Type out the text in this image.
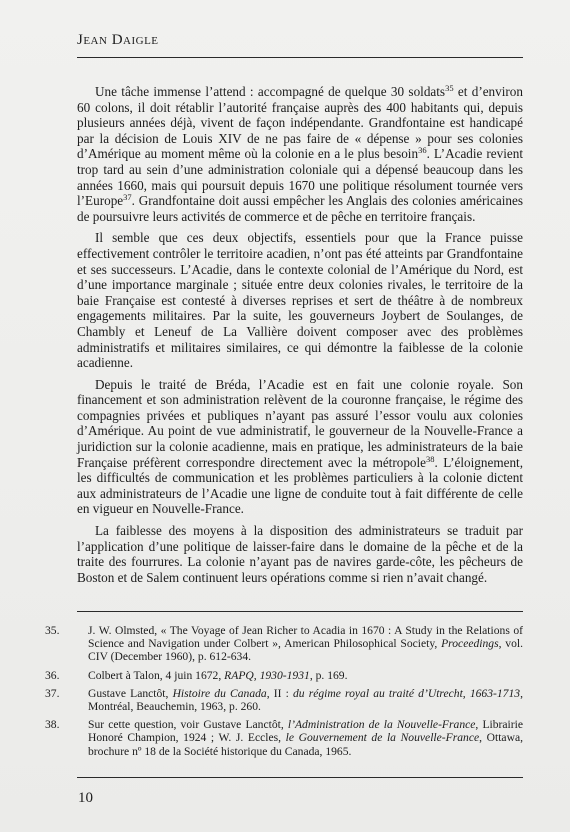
Jean Daigle

Une tâche immense l’attend : accompagné de quelque 30 soldats$^{35}$ et d’environ 60 colons, il doit rétablir l’autorité française auprès des 400 habitants qui, depuis plusieurs années déjà, vivent de façon indépendante. Grandfontaine est handicapé par la décision de Louis XIV de ne pas faire de « dépense » pour ses colonies d’Amérique au moment même où la colonie en a le plus besoin$^{36}$. L’Acadie revient trop tard au sein d’une administration coloniale qui a dépensé beaucoup dans les années 1660, mais qui poursuit depuis 1670 une politique résolument tournée vers l’Europe$^{37}$. Grandfontaine doit aussi empêcher les Anglais des colonies américaines de poursuivre leurs activités de commerce et de pêche en territoire français.

Il semble que ces deux objectifs, essentiels pour que la France puisse effectivement contrôler le territoire acadien, n’ont pas été atteints par Grandfontaine et ses successeurs. L’Acadie, dans le contexte colonial de l’Amérique du Nord, est d’une importance marginale ; située entre deux colonies rivales, le territoire de la baie Française est contesté à diverses reprises et sert de théâtre à de nombreux engagements militaires. Par la suite, les gouverneurs Joybert de Soulanges, de Chambly et Leneuf de La Vallière doivent composer avec des problèmes administratifs et militaires similaires, ce qui démontre la faiblesse de la colonie acadienne.

Depuis le traité de Bréda, l’Acadie est en fait une colonie royale. Son financement et son administration relèvent de la couronne française, le régime des compagnies privées et publiques n’ayant pas assuré l’essor voulu aux colonies d’Amérique. Au point de vue administratif, le gouverneur de la Nouvelle-France a juridiction sur la colonie acadienne, mais en pratique, les administrateurs de la baie Française préfèrent correspondre directement avec la métropole$^{38}$. L’éloignement, les difficultés de communication et les problèmes particuliers à la colonie dictent aux administrateurs de l’Acadie une ligne de conduite tout à fait différente de celle en vigueur en Nouvelle-France.

La faiblesse des moyens à la disposition des administrateurs se traduit par l’application d’une politique de laisser-faire dans le domaine de la pêche et de la traite des fourrures. La colonie n’ayant pas de navires garde-côte, les pêcheurs de Boston et de Salem continuent leurs opérations comme si rien n’avait changé.

35.	J. W. Olmsted, « The Voyage of Jean Richer to Acadia in 1670 : A Study in the Relations of Science and Navigation under Colbert », American Philosophical Society, Proceedings, vol. CIV (December 1960), p. 612-634.
36.	Colbert à Talon, 4 juin 1672, RAPQ, 1930-1931, p. 169.
37.	Gustave Lanctôt, Histoire du Canada, II : du régime royal au traité d’Utrecht, 1663-1713, Montréal, Beauchemin, 1963, p. 260.
38.	Sur cette question, voir Gustave Lanctôt, l’Administration de la Nouvelle-France, Librairie Honoré Champion, 1924 ; W. J. Eccles, le Gouvernement de la Nouvelle-France, Ottawa, brochure nº 18 de la Société historique du Canada, 1965.
10
